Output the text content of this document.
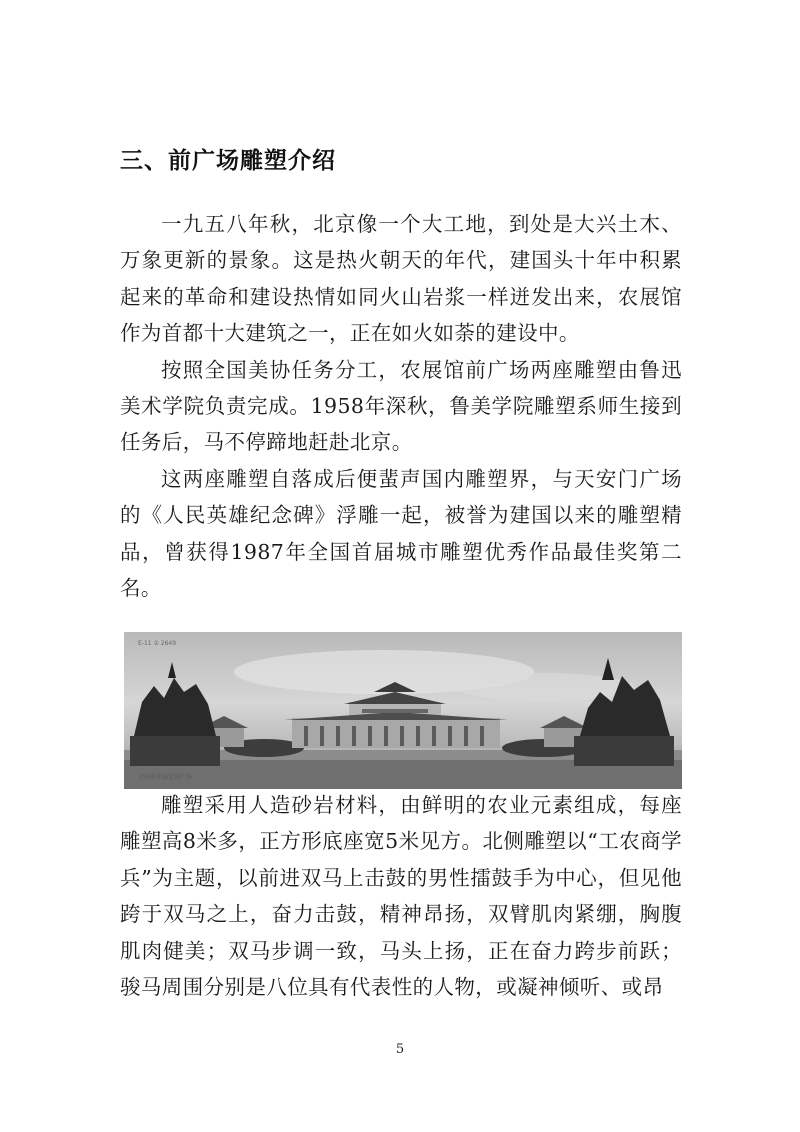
三、前广场雕塑介绍

一九五八年秋，北京像一个大工地，到处是大兴土木、万象更新的景象。这是热火朝天的年代，建国头十年中积累起来的革命和建设热情如同火山岩浆一样迸发出来，农展馆作为首都十大建筑之一，正在如火如荼的建设中。

按照全国美协任务分工，农展馆前广场两座雕塑由鲁迅美术学院负责完成。1958年深秋，鲁美学院雕塑系师生接到任务后，马不停蹄地赶赴北京。

这两座雕塑自落成后便蜚声国内雕塑界，与天安门广场的《人民英雄纪念碑》浮雕一起，被誉为建国以来的雕塑精品，曾获得1987年全国首届城市雕塑优秀作品最佳奖第二名。

E-11 ① 2649
全国农业展览馆广场

雕塑采用人造砂岩材料，由鲜明的农业元素组成，每座雕塑高8米多，正方形底座宽5米见方。北侧雕塑以“工农商学兵”为主题，以前进双马上击鼓的男性擂鼓手为中心，但见他跨于双马之上，奋力击鼓，精神昂扬，双臂肌肉紧绷，胸腹肌肉健美；双马步调一致，马头上扬，正在奋力跨步前跃；骏马周围分别是八位具有代表性的人物，或凝神倾听、或昂

5
